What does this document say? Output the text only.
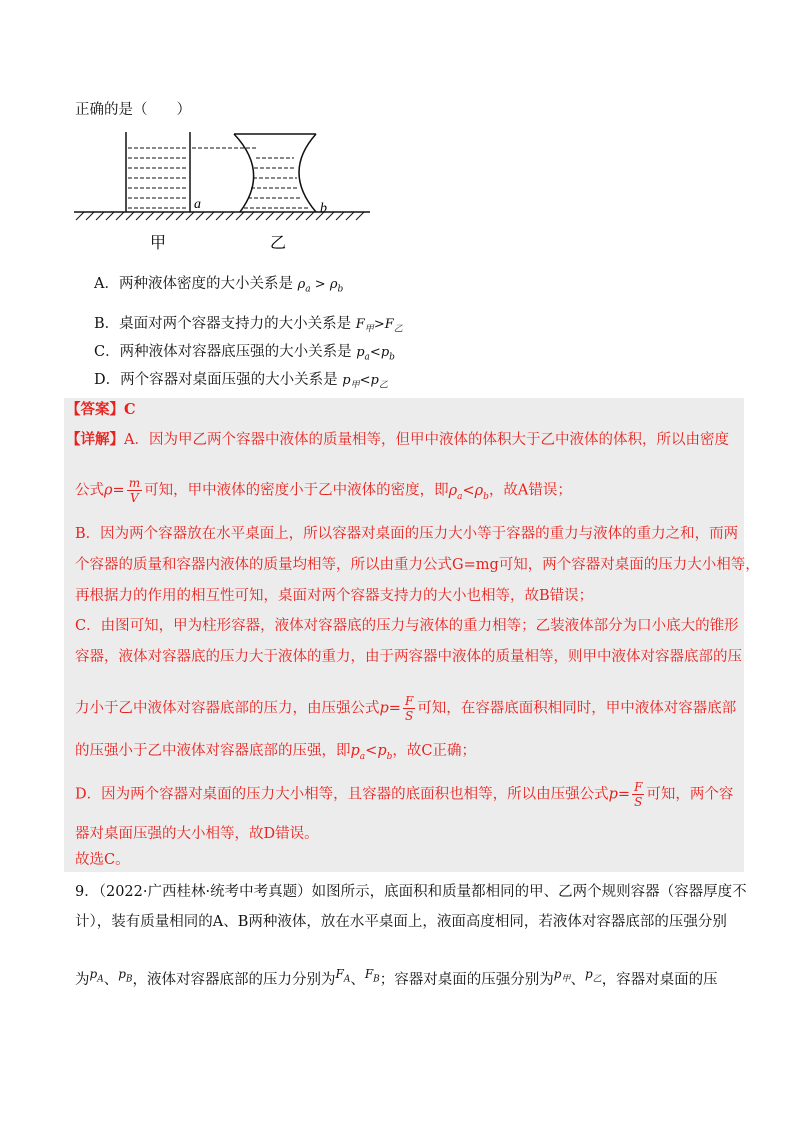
正确的是（　　）
a	b
甲	乙
A．两种液体密度的大小关系是 $\rho_a > \rho_b$
B．桌面对两个容器支持力的大小关系是 $F_甲>F_乙$
C．两种液体对容器底压强的大小关系是 $p_a<p_b$
D．两个容器对桌面压强的大小关系是 $p_甲<p_乙$
【答案】C
【详解】A．因为甲乙两个容器中液体的质量相等，但甲中液体的体积大于乙中液体的体积，所以由密度
公式$\rho= \frac{m}{V}$ 可知，甲中液体的密度小于乙中液体的密度，即$\rho_a<\rho_b$，故A错误；
B．因为两个容器放在水平桌面上，所以容器对桌面的压力大小等于容器的重力与液体的重力之和，而两
个容器的质量和容器内液体的质量均相等，所以由重力公式G=mg可知，两个容器对桌面的压力大小相等，
再根据力的作用的相互性可知，桌面对两个容器支持力的大小也相等，故B错误；
C．由图可知，甲为柱形容器，液体对容器底的压力与液体的重力相等；乙装液体部分为口小底大的锥形
容器，液体对容器底的压力大于液体的重力，由于两容器中液体的质量相等，则甲中液体对容器底部的压
力小于乙中液体对容器底部的压力，由压强公式$p= \frac{F}{S}$ 可知，在容器底面积相同时，甲中液体对容器底部
的压强小于乙中液体对容器底部的压强，即$p_a<p_b$，故C正确；
D．因为两个容器对桌面的压力大小相等，且容器的底面积也相等，所以由压强公式$p= \frac{F}{S}$ 可知，两个容
器对桌面压强的大小相等，故D错误。
故选C。
9．（2022·广西桂林·统考中考真题）如图所示，底面积和质量都相同的甲、乙两个规则容器（容器厚度不
计），装有质量相同的A、B两种液体，放在水平桌面上，液面高度相同，若液体对容器底部的压强分别
为$^{p_A}$、$^{p_B}$，液体对容器底部的压力分别为$^{F_A}$、$^{F_B}$；容器对桌面的压强分别为$^{p_甲}$、$^{p_乙}$，容器对桌面的压
